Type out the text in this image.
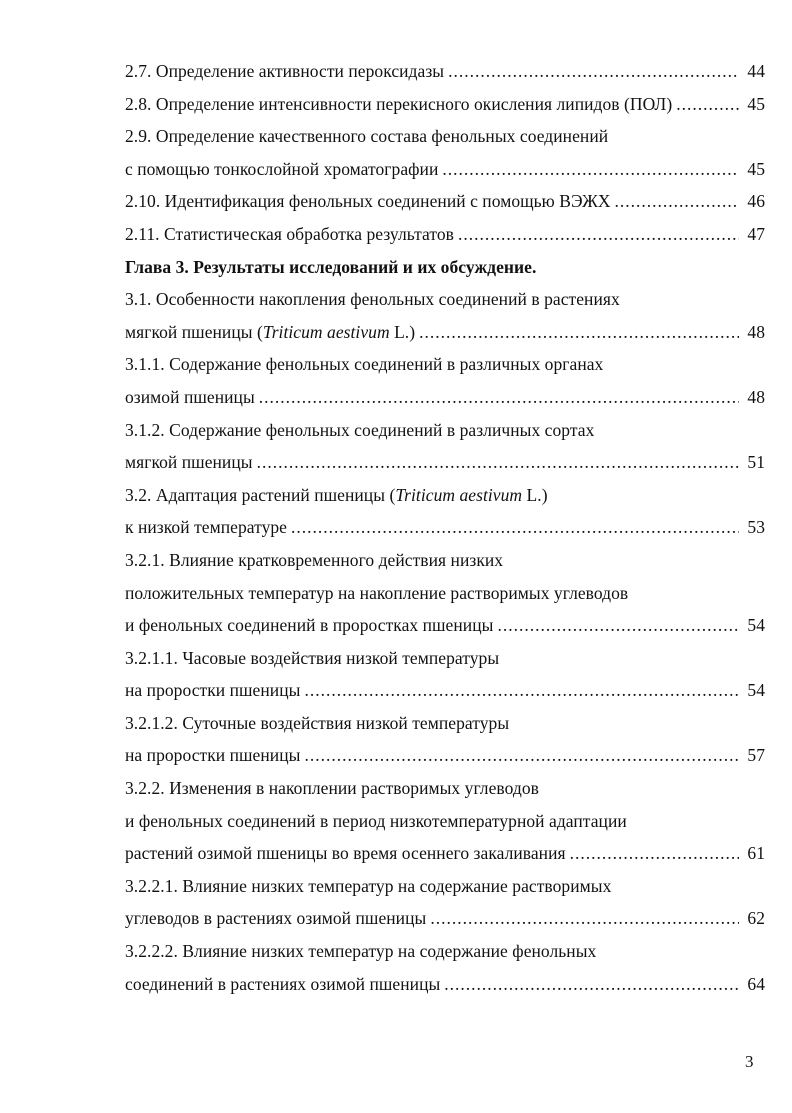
2.7. Определение активности пероксидазы .....	44
2.8. Определение интенсивности перекисного окисления липидов (ПОЛ) .....	45
2.9. Определение качественного состава фенольных соединений
с помощью тонкослойной хроматографии .....	45
2.10. Идентификация фенольных соединений с помощью ВЭЖХ .....	46
2.11. Статистическая обработка результатов .....	47
Глава 3. Результаты исследований и их обсуждение.
3.1. Особенности накопления фенольных соединений в растениях
мягкой пшеницы (Triticum aestivum L.) .....	48
3.1.1. Содержание фенольных соединений в различных органах
озимой пшеницы .....	48
3.1.2. Содержание фенольных соединений в различных сортах
мягкой пшеницы .....	51
3.2. Адаптация растений пшеницы (Triticum aestivum L.)
к низкой температуре .....	53
3.2.1. Влияние кратковременного действия низких
положительных температур на накопление растворимых углеводов
и фенольных соединений в проростках пшеницы .....	54
3.2.1.1. Часовые воздействия низкой температуры
на проростки пшеницы .....	54
3.2.1.2. Суточные воздействия низкой температуры
на проростки пшеницы .....	57
3.2.2. Изменения в накоплении растворимых углеводов
и фенольных соединений в период низкотемпературной адаптации
растений озимой пшеницы во время осеннего закаливания .....	61
3.2.2.1. Влияние низких температур на содержание растворимых
углеводов в растениях озимой пшеницы .....	62
3.2.2.2. Влияние низких температур на содержание фенольных
соединений в растениях озимой пшеницы .....	64
3
